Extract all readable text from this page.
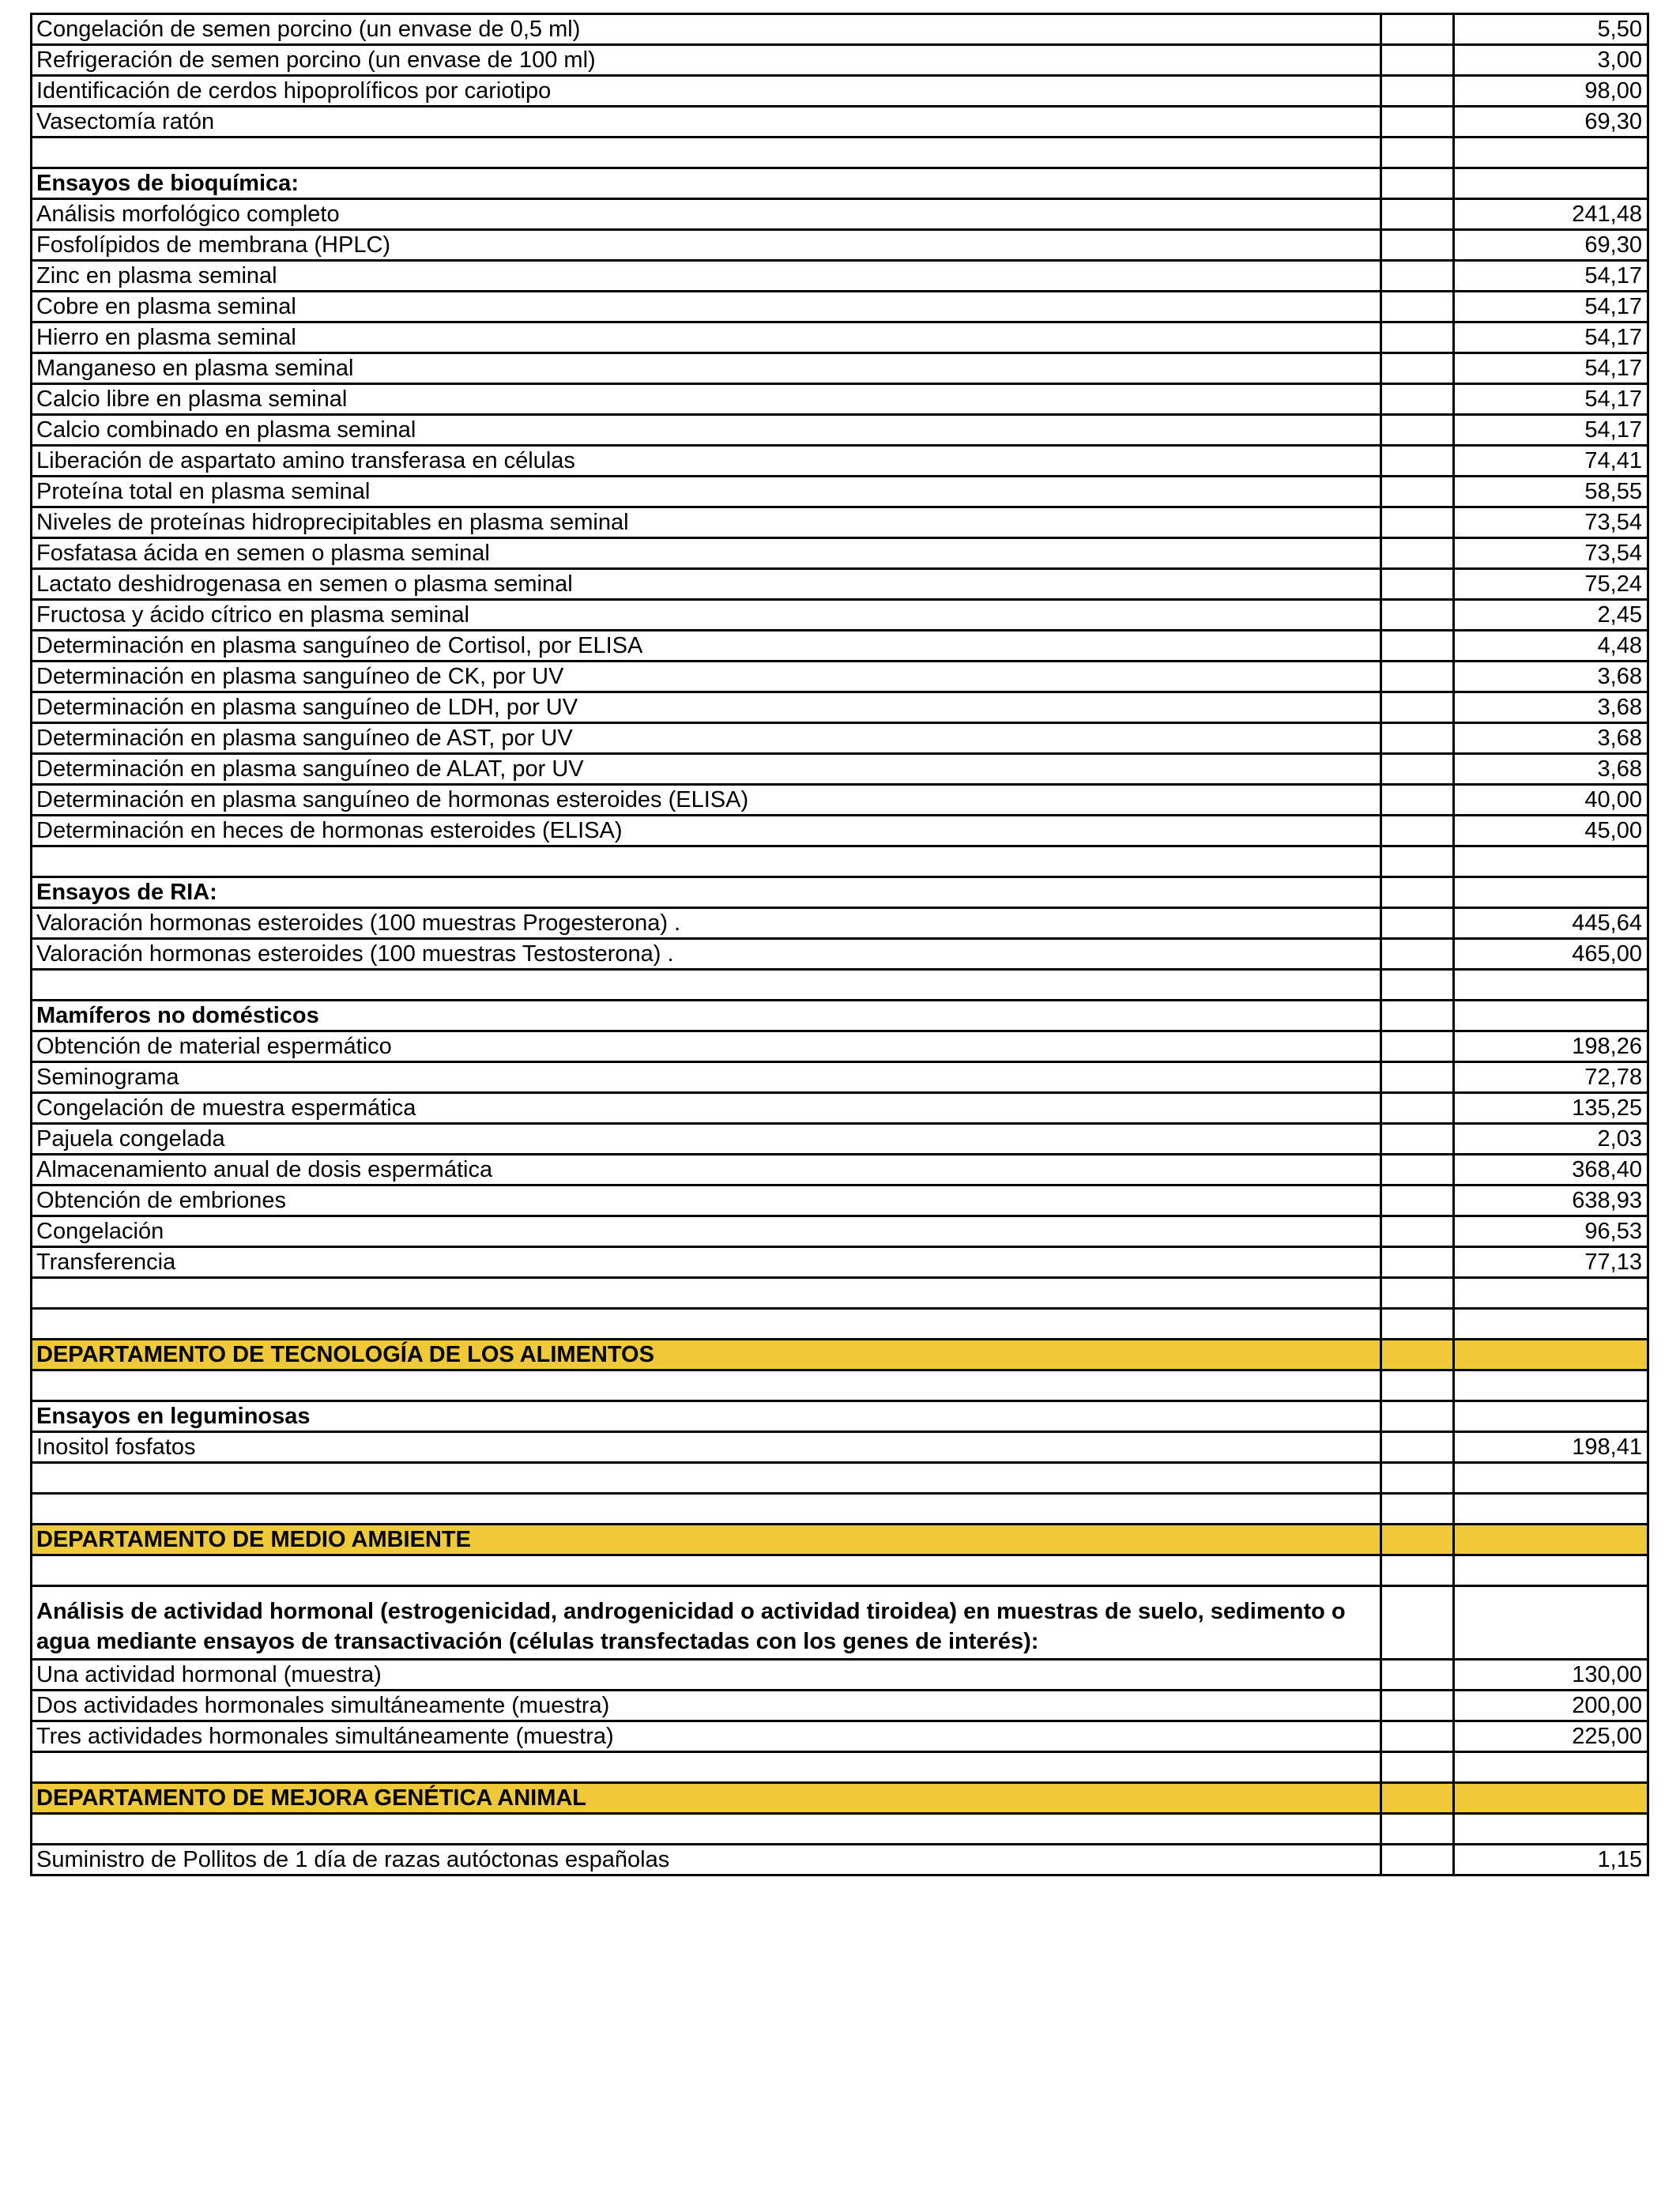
Congelación de semen porcino (un envase de 0,5 ml)		5,50
Refrigeración de semen porcino (un envase de 100 ml)		3,00
Identificación de cerdos hipoprolíficos por cariotipo		98,00
Vasectomía ratón		69,30

Ensayos de bioquímica:		
Análisis morfológico completo		241,48
Fosfolípidos de membrana (HPLC)		69,30
Zinc en plasma seminal		54,17
Cobre en plasma seminal		54,17
Hierro en plasma seminal		54,17
Manganeso en plasma seminal		54,17
Calcio libre en plasma seminal		54,17
Calcio combinado en plasma seminal		54,17
Liberación de aspartato amino transferasa en células		74,41
Proteína total en plasma seminal		58,55
Niveles de proteínas hidroprecipitables en plasma seminal		73,54
Fosfatasa ácida en semen o plasma seminal		73,54
Lactato deshidrogenasa en semen o plasma seminal		75,24
Fructosa y ácido cítrico en plasma seminal		2,45
Determinación en plasma sanguíneo de Cortisol, por ELISA		4,48
Determinación en plasma sanguíneo de CK, por UV		3,68
Determinación en plasma sanguíneo de LDH, por UV		3,68
Determinación en plasma sanguíneo de AST, por UV		3,68
Determinación en plasma sanguíneo de ALAT, por UV		3,68
Determinación en plasma sanguíneo de hormonas esteroides (ELISA)		40,00
Determinación en heces de hormonas esteroides (ELISA)		45,00

Ensayos de RIA:		
Valoración hormonas esteroides (100 muestras Progesterona) .		445,64
Valoración hormonas esteroides (100 muestras Testosterona) .		465,00

Mamíferos no domésticos		
Obtención de material espermático		198,26
Seminograma		72,78
Congelación de muestra espermática		135,25
Pajuela congelada		2,03
Almacenamiento anual de dosis espermática		368,40
Obtención de embriones		638,93
Congelación		96,53
Transferencia		77,13

DEPARTAMENTO DE TECNOLOGÍA DE LOS ALIMENTOS		

Ensayos en leguminosas		
Inositol fosfatos		198,41

DEPARTAMENTO DE MEDIO AMBIENTE		

Análisis de actividad hormonal (estrogenicidad, androgenicidad o actividad tiroidea) en muestras de suelo, sedimento o agua mediante ensayos de transactivación (células transfectadas con los genes de interés):		
Una actividad hormonal (muestra)		130,00
Dos actividades hormonales simultáneamente (muestra)		200,00
Tres actividades hormonales simultáneamente (muestra)		225,00

DEPARTAMENTO DE MEJORA GENÉTICA ANIMAL		

Suministro de Pollitos de 1 día de razas autóctonas españolas		1,15
